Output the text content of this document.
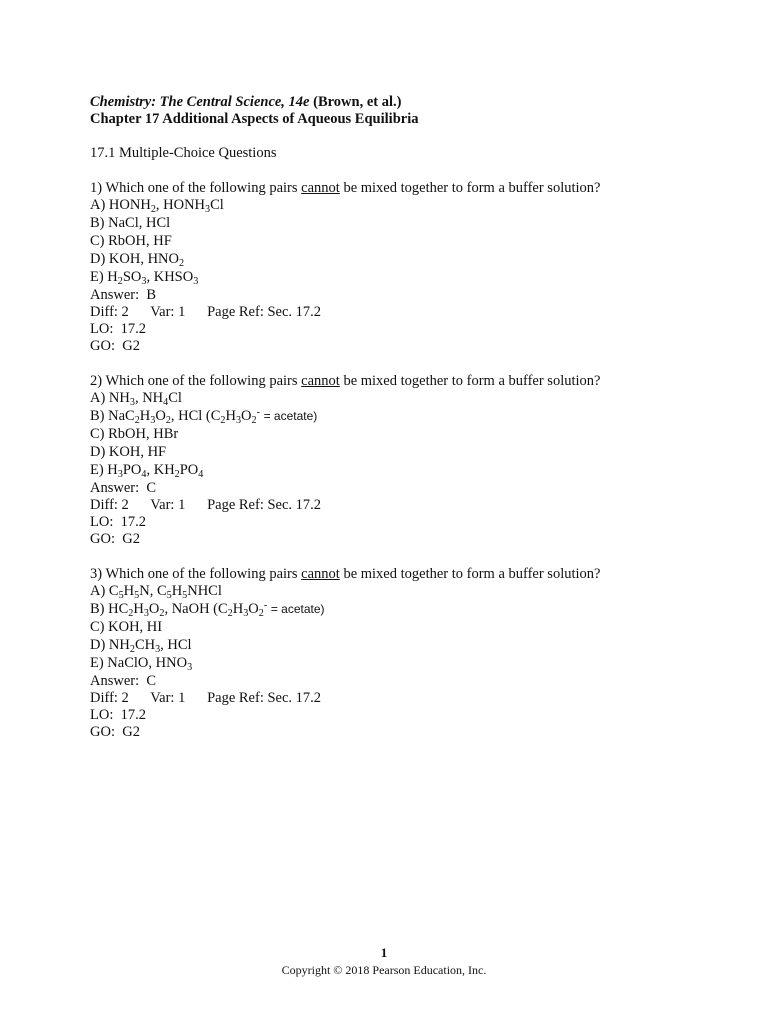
Chemistry: The Central Science, 14e (Brown, et al.)
Chapter 17 Additional Aspects of Aqueous Equilibria
17.1 Multiple-Choice Questions
1) Which one of the following pairs cannot be mixed together to form a buffer solution?
A) $HONH_2$, $HONH_3Cl$
B) NaCl, HCl
C) RbOH, HF
D) KOH, $HNO_2$
E) $H_2SO_3$, $KHSO_3$
Answer:  B
Diff: 2      Var: 1      Page Ref: Sec. 17.2
LO:  17.2
GO:  G2
2) Which one of the following pairs cannot be mixed together to form a buffer solution?
A) $NH_3$, $NH_4Cl$
B) $NaC_2H_3O_2$, HCl ($C_2H_3O_2^-$ = acetate)
C) RbOH, HBr
D) KOH, HF
E) $H_3PO_4$, $KH_2PO_4$
Answer:  C
Diff: 2      Var: 1      Page Ref: Sec. 17.2
LO:  17.2
GO:  G2
3) Which one of the following pairs cannot be mixed together to form a buffer solution?
A) $C_5H_5N$, $C_5H_5NHCl$
B) $HC_2H_3O_2$, NaOH ($C_2H_3O_2^-$ = acetate)
C) KOH, HI
D) $NH_2CH_3$, HCl
E) NaClO, $HNO_3$
Answer:  C
Diff: 2      Var: 1      Page Ref: Sec. 17.2
LO:  17.2
GO:  G2
1
Copyright © 2018 Pearson Education, Inc.
